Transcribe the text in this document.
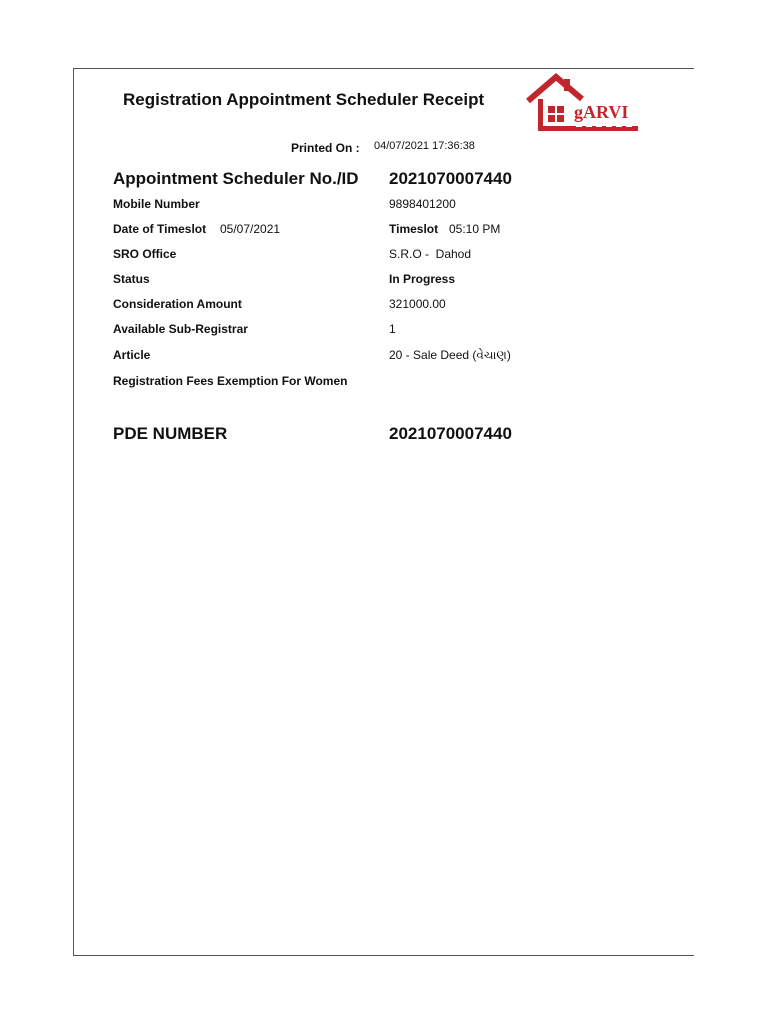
Registration Appointment Scheduler Receipt
gARVI
Printed On : 04/07/2021 17:36:38
Appointment Scheduler No./ID 2021070007440
Mobile Number	9898401200
Date of Timeslot 05/07/2021	Timeslot 05:10 PM
SRO Office	S.R.O -  Dahod
Status	In Progress
Consideration Amount	321000.00
Available Sub-Registrar	1
Article	20 - Sale Deed (વેચાણ)
Registration Fees Exemption For Women
PDE NUMBER	2021070007440
